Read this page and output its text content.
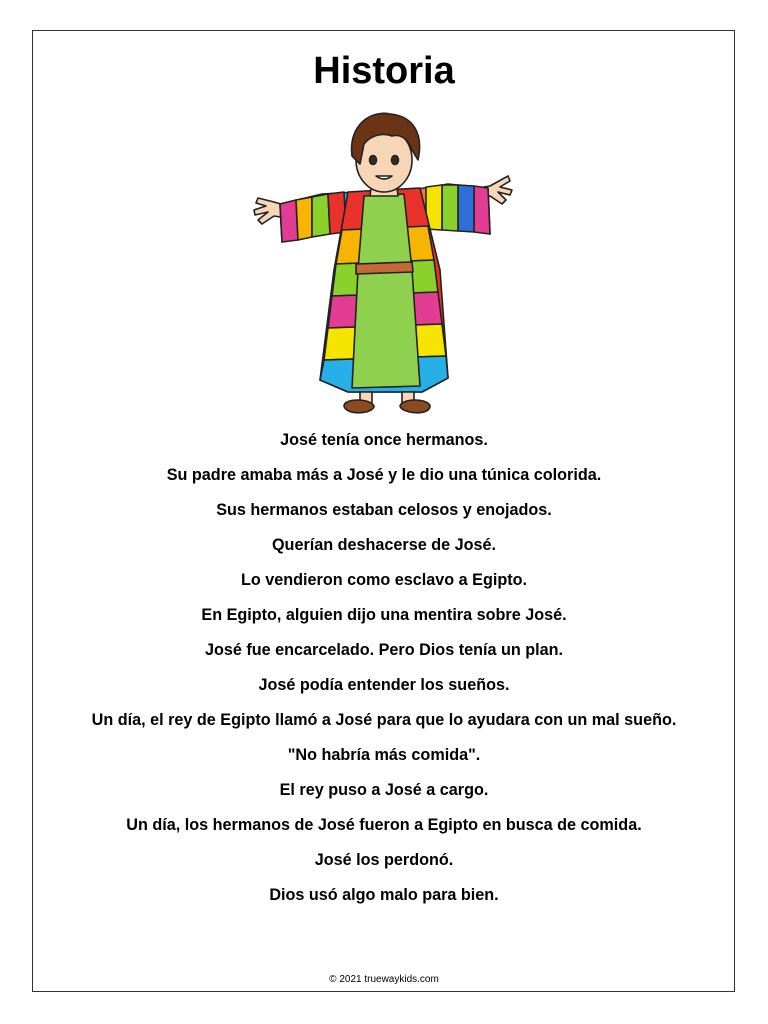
Historia
José tenía once hermanos.
Su padre amaba más a José y le dio una túnica colorida.
Sus hermanos estaban celosos y enojados.
Querían deshacerse de José.
Lo vendieron como esclavo a Egipto.
En Egipto, alguien dijo una mentira sobre José.
José fue encarcelado. Pero Dios tenía un plan.
José podía entender los sueños.
Un día, el rey de Egipto llamó a José para que lo ayudara con un mal sueño.
"No habría más comida".
El rey puso a José a cargo.
Un día, los hermanos de José fueron a Egipto en busca de comida.
José los perdonó.
Dios usó algo malo para bien.
© 2021 truewaykids.com
